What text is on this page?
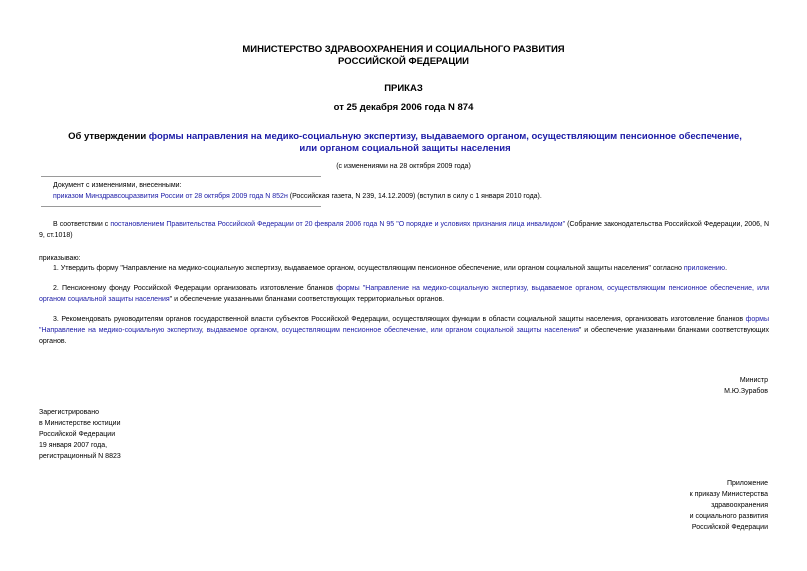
МИНИСТЕРСТВО ЗДРАВООХРАНЕНИЯ И СОЦИАЛЬНОГО РАЗВИТИЯ
РОССИЙСКОЙ ФЕДЕРАЦИИ
ПРИКАЗ
от 25 декабря 2006 года N 874
Об утверждении формы направления на медико-социальную экспертизу, выдаваемого органом, осуществляющим пенсионное обеспечение, или органом социальной защиты населения
(с изменениями на 28 октября 2009 года)
Документ с изменениями, внесенными:
приказом Минздравсоцразвития России от 28 октября 2009 года N 852н (Российская газета, N 239, 14.12.2009) (вступил в силу с 1 января 2010 года).
В соответствии с постановлением Правительства Российской Федерации от 20 февраля 2006 года N 95 "О порядке и условиях признания лица инвалидом" (Собрание законодательства Российской Федерации, 2006, N 9, ст.1018)
приказываю:
1. Утвердить форму "Направление на медико-социальную экспертизу, выдаваемое органом, осуществляющим пенсионное обеспечение, или органом социальной защиты населения" согласно приложению.
2. Пенсионному фонду Российской Федерации организовать изготовление бланков формы "Направление на медико-социальную экспертизу, выдаваемое органом, осуществляющим пенсионное обеспечение, или органом социальной защиты населения" и обеспечение указанными бланками соответствующих территориальных органов.
3. Рекомендовать руководителям органов государственной власти субъектов Российской Федерации, осуществляющих функции в области социальной защиты населения, организовать изготовление бланков формы "Направление на медико-социальную экспертизу, выдаваемое органом, осуществляющим пенсионное обеспечение, или органом социальной защиты населения" и обеспечение указанными бланками соответствующих органов.
Министр
М.Ю.Зурабов
Зарегистрировано
в Министерстве юстиции
Российской Федерации
19 января 2007 года,
регистрационный N 8823
Приложение
к приказу Министерства
здравоохранения
и социального развития
Российской Федерации
